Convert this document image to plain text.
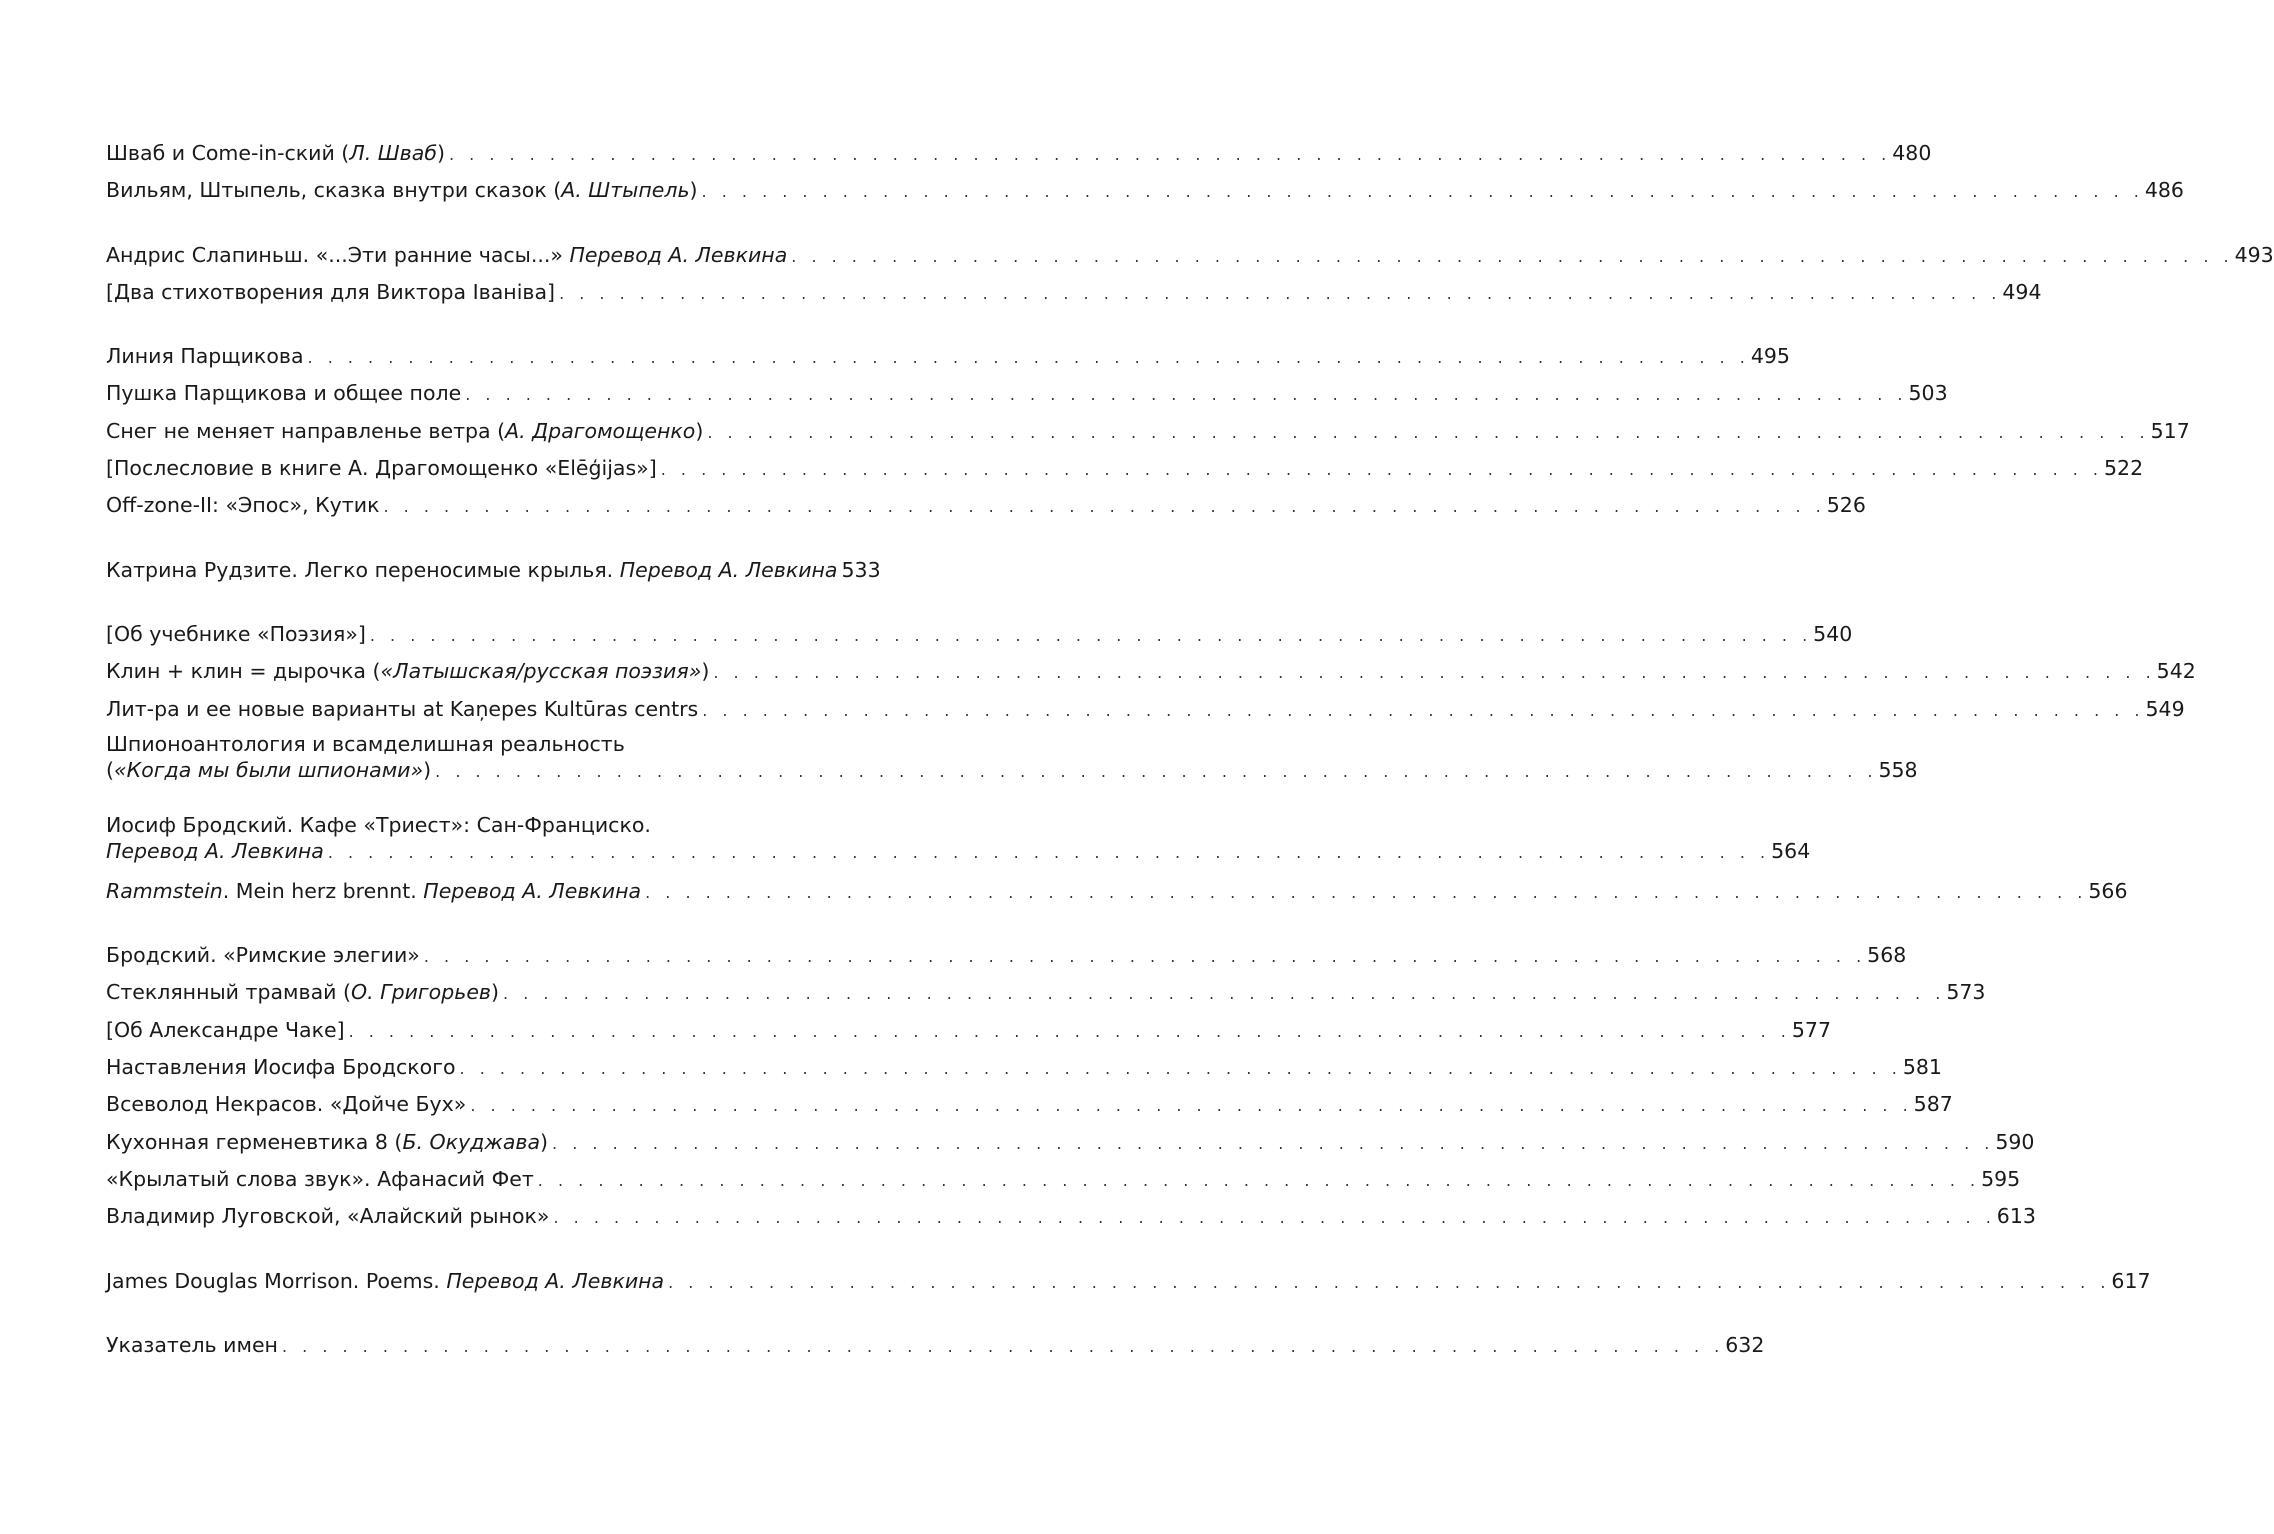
Шваб и Come-in-ский (Л. Шваб) . . .	480
Вильям, Штыпель, сказка внутри сказок (А. Штыпель) . . .	486
Андрис Слапиньш. «...Эти ранние часы...» Перевод А. Левкина . . .	493
[Два стихотворения для Виктора Iванiва] . . .	494
Линия Парщикова . . .	495
Пушка Парщикова и общее поле . . .	503
Снег не меняет направленье ветра (А. Драгомощенко) . . .	517
[Послесловие в книге А. Драгомощенко «Elēģijas»] . . .	522
Off-zone-II: «Эпос», Кутик . . .	526
Катрина Рудзите. Легко переносимые крылья. Перевод А. Левкина 533
[Об учебнике «Поэзия»] . . .	540
Клин + клин = дырочка («Латышская/русская поэзия») . . .	542
Лит-ра и ее новые варианты at Kaņepes Kultūras centrs . . .	549
Шпионоантология и всамделишная реальность
(«Когда мы были шпионами») . . .	558
Иосиф Бродский. Кафе «Триест»: Сан-Франциско.
Перевод А. Левкина . . .	564
Rammstein. Mein herz brennt. Перевод А. Левкина . . .	566
Бродский. «Римские элегии» . . .	568
Стеклянный трамвай (О. Григорьев) . . .	573
[Об Александре Чаке] . . .	577
Наставления Иосифа Бродского . . .	581
Всеволод Некрасов. «Дойче Бух» . . .	587
Кухонная герменевтика 8 (Б. Окуджава) . . .	590
«Крылатый слова звук». Афанасий Фет . . .	595
Владимир Луговской, «Алайский рынок» . . .	613
James Douglas Morrison. Poems. Перевод А. Левкина . . .	617
Указатель имен . . .	632
